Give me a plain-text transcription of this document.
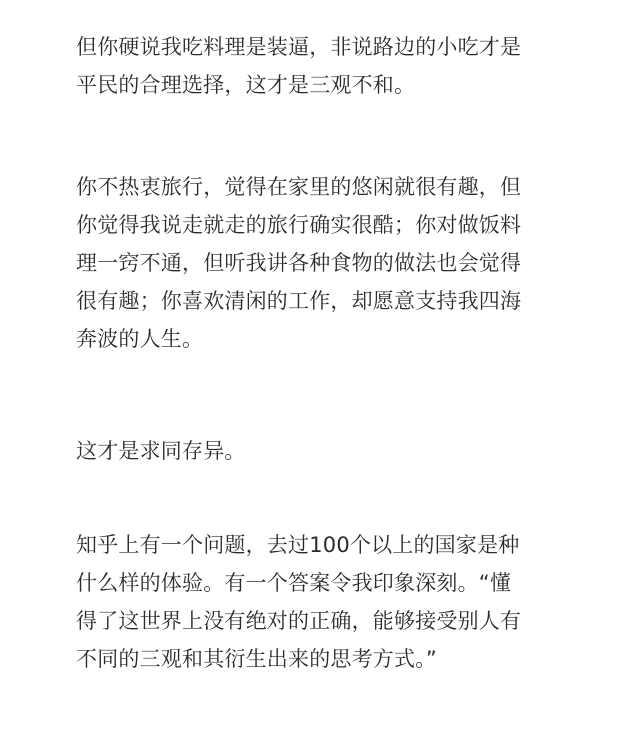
但你硬说我吃料理是装逼，非说路边的小吃才是
平民的合理选择，这才是三观不和。

你不热衷旅行，觉得在家里的悠闲就很有趣，但
你觉得我说走就走的旅行确实很酷；你对做饭料
理一窍不通，但听我讲各种食物的做法也会觉得
很有趣；你喜欢清闲的工作，却愿意支持我四海
奔波的人生。

这才是求同存异。

知乎上有一个问题，去过100个以上的国家是种
什么样的体验。有一个答案令我印象深刻。“懂
得了这世界上没有绝对的正确，能够接受别人有
不同的三观和其衍生出来的思考方式。”
